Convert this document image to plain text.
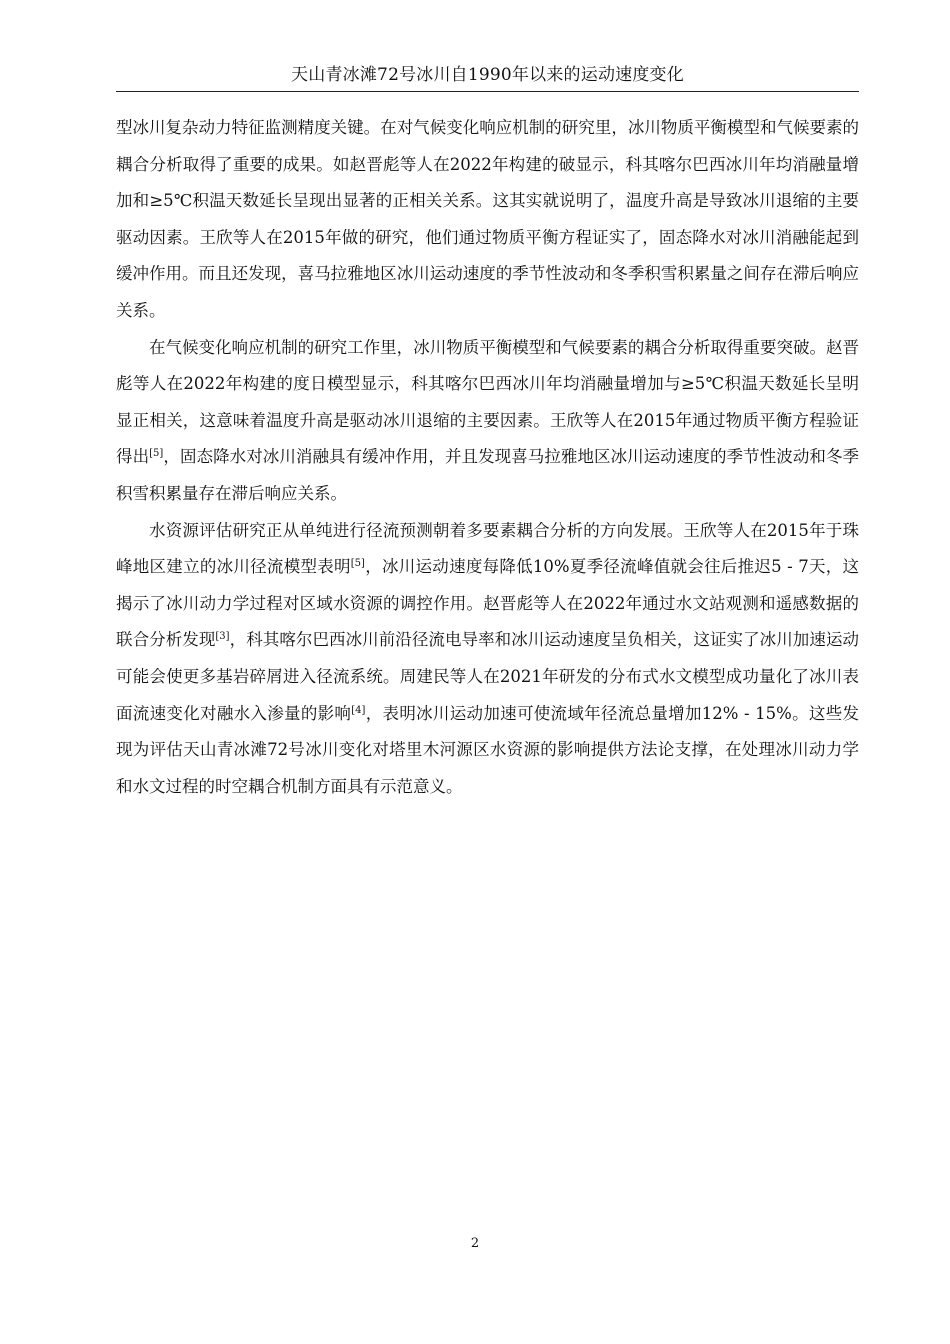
天山青冰滩72号冰川自1990年以来的运动速度变化

型冰川复杂动力特征监测精度关键。在对气候变化响应机制的研究里，冰川物质平衡模型和气候要素的耦合分析取得了重要的成果。如赵晋彪等人在2022年构建的破显示，科其喀尔巴西冰川年均消融量增加和≥5℃积温天数延长呈现出显著的正相关关系。这其实就说明了，温度升高是导致冰川退缩的主要驱动因素。王欣等人在2015年做的研究，他们通过物质平衡方程证实了，固态降水对冰川消融能起到缓冲作用。而且还发现，喜马拉雅地区冰川运动速度的季节性波动和冬季积雪积累量之间存在滞后响应关系。

在气候变化响应机制的研究工作里，冰川物质平衡模型和气候要素的耦合分析取得重要突破。赵晋彪等人在2022年构建的度日模型显示，科其喀尔巴西冰川年均消融量增加与≥5℃积温天数延长呈明显正相关，这意味着温度升高是驱动冰川退缩的主要因素。王欣等人在2015年通过物质平衡方程验证得出[5]，固态降水对冰川消融具有缓冲作用，并且发现喜马拉雅地区冰川运动速度的季节性波动和冬季积雪积累量存在滞后响应关系。

水资源评估研究正从单纯进行径流预测朝着多要素耦合分析的方向发展。王欣等人在2015年于珠峰地区建立的冰川径流模型表明[5]，冰川运动速度每降低10%夏季径流峰值就会往后推迟5 - 7天，这揭示了冰川动力学过程对区域水资源的调控作用。赵晋彪等人在2022年通过水文站观测和遥感数据的联合分析发现[3]，科其喀尔巴西冰川前沿径流电导率和冰川运动速度呈负相关，这证实了冰川加速运动可能会使更多基岩碎屑进入径流系统。周建民等人在2021年研发的分布式水文模型成功量化了冰川表面流速变化对融水入渗量的影响[4]，表明冰川运动加速可使流域年径流总量增加12% - 15%。这些发现为评估天山青冰滩72号冰川变化对塔里木河源区水资源的影响提供方法论支撑，在处理冰川动力学和水文过程的时空耦合机制方面具有示范意义。

2
